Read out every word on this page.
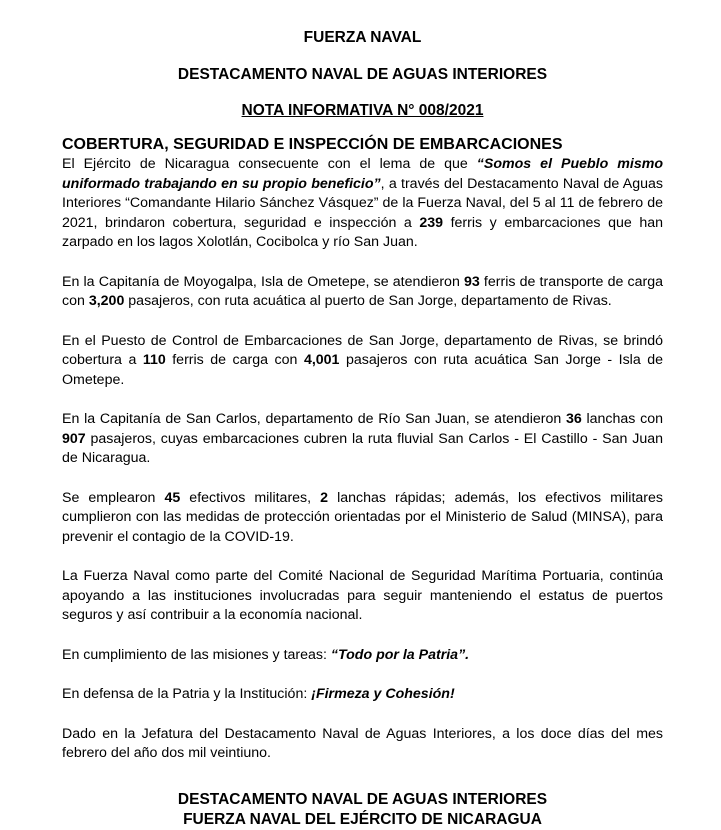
FUERZA NAVAL

DESTACAMENTO NAVAL DE AGUAS INTERIORES

NOTA INFORMATIVA N° 008/2021

COBERTURA, SEGURIDAD E INSPECCIÓN DE EMBARCACIONES

El Ejército de Nicaragua consecuente con el lema de que “Somos el Pueblo mismo uniformado trabajando en su propio beneficio”, a través del Destacamento Naval de Aguas Interiores “Comandante Hilario Sánchez Vásquez” de la Fuerza Naval, del 5 al 11 de febrero de 2021, brindaron cobertura, seguridad e inspección a 239 ferris y embarcaciones que han zarpado en los lagos Xolotlán, Cocibolca y río San Juan.

En la Capitanía de Moyogalpa, Isla de Ometepe, se atendieron 93 ferris de transporte de carga con 3,200 pasajeros, con ruta acuática al puerto de San Jorge, departamento de Rivas.

En el Puesto de Control de Embarcaciones de San Jorge, departamento de Rivas, se brindó cobertura a 110 ferris de carga con 4,001 pasajeros con ruta acuática San Jorge - Isla de Ometepe.

En la Capitanía de San Carlos, departamento de Río San Juan, se atendieron 36 lanchas con 907 pasajeros, cuyas embarcaciones cubren la ruta fluvial San Carlos - El Castillo - San Juan de Nicaragua.

Se emplearon 45 efectivos militares, 2 lanchas rápidas; además, los efectivos militares cumplieron con las medidas de protección orientadas por el Ministerio de Salud (MINSA), para prevenir el contagio de la COVID-19.

La Fuerza Naval como parte del Comité Nacional de Seguridad Marítima Portuaria, continúa apoyando a las instituciones involucradas para seguir manteniendo el estatus de puertos seguros y así contribuir a la economía nacional.

En cumplimiento de las misiones y tareas: “Todo por la Patria”.

En defensa de la Patria y la Institución: ¡Firmeza y Cohesión!

Dado en la Jefatura del Destacamento Naval de Aguas Interiores, a los doce días del mes febrero del año dos mil veintiuno.

DESTACAMENTO NAVAL DE AGUAS INTERIORES
FUERZA NAVAL DEL EJÉRCITO DE NICARAGUA
